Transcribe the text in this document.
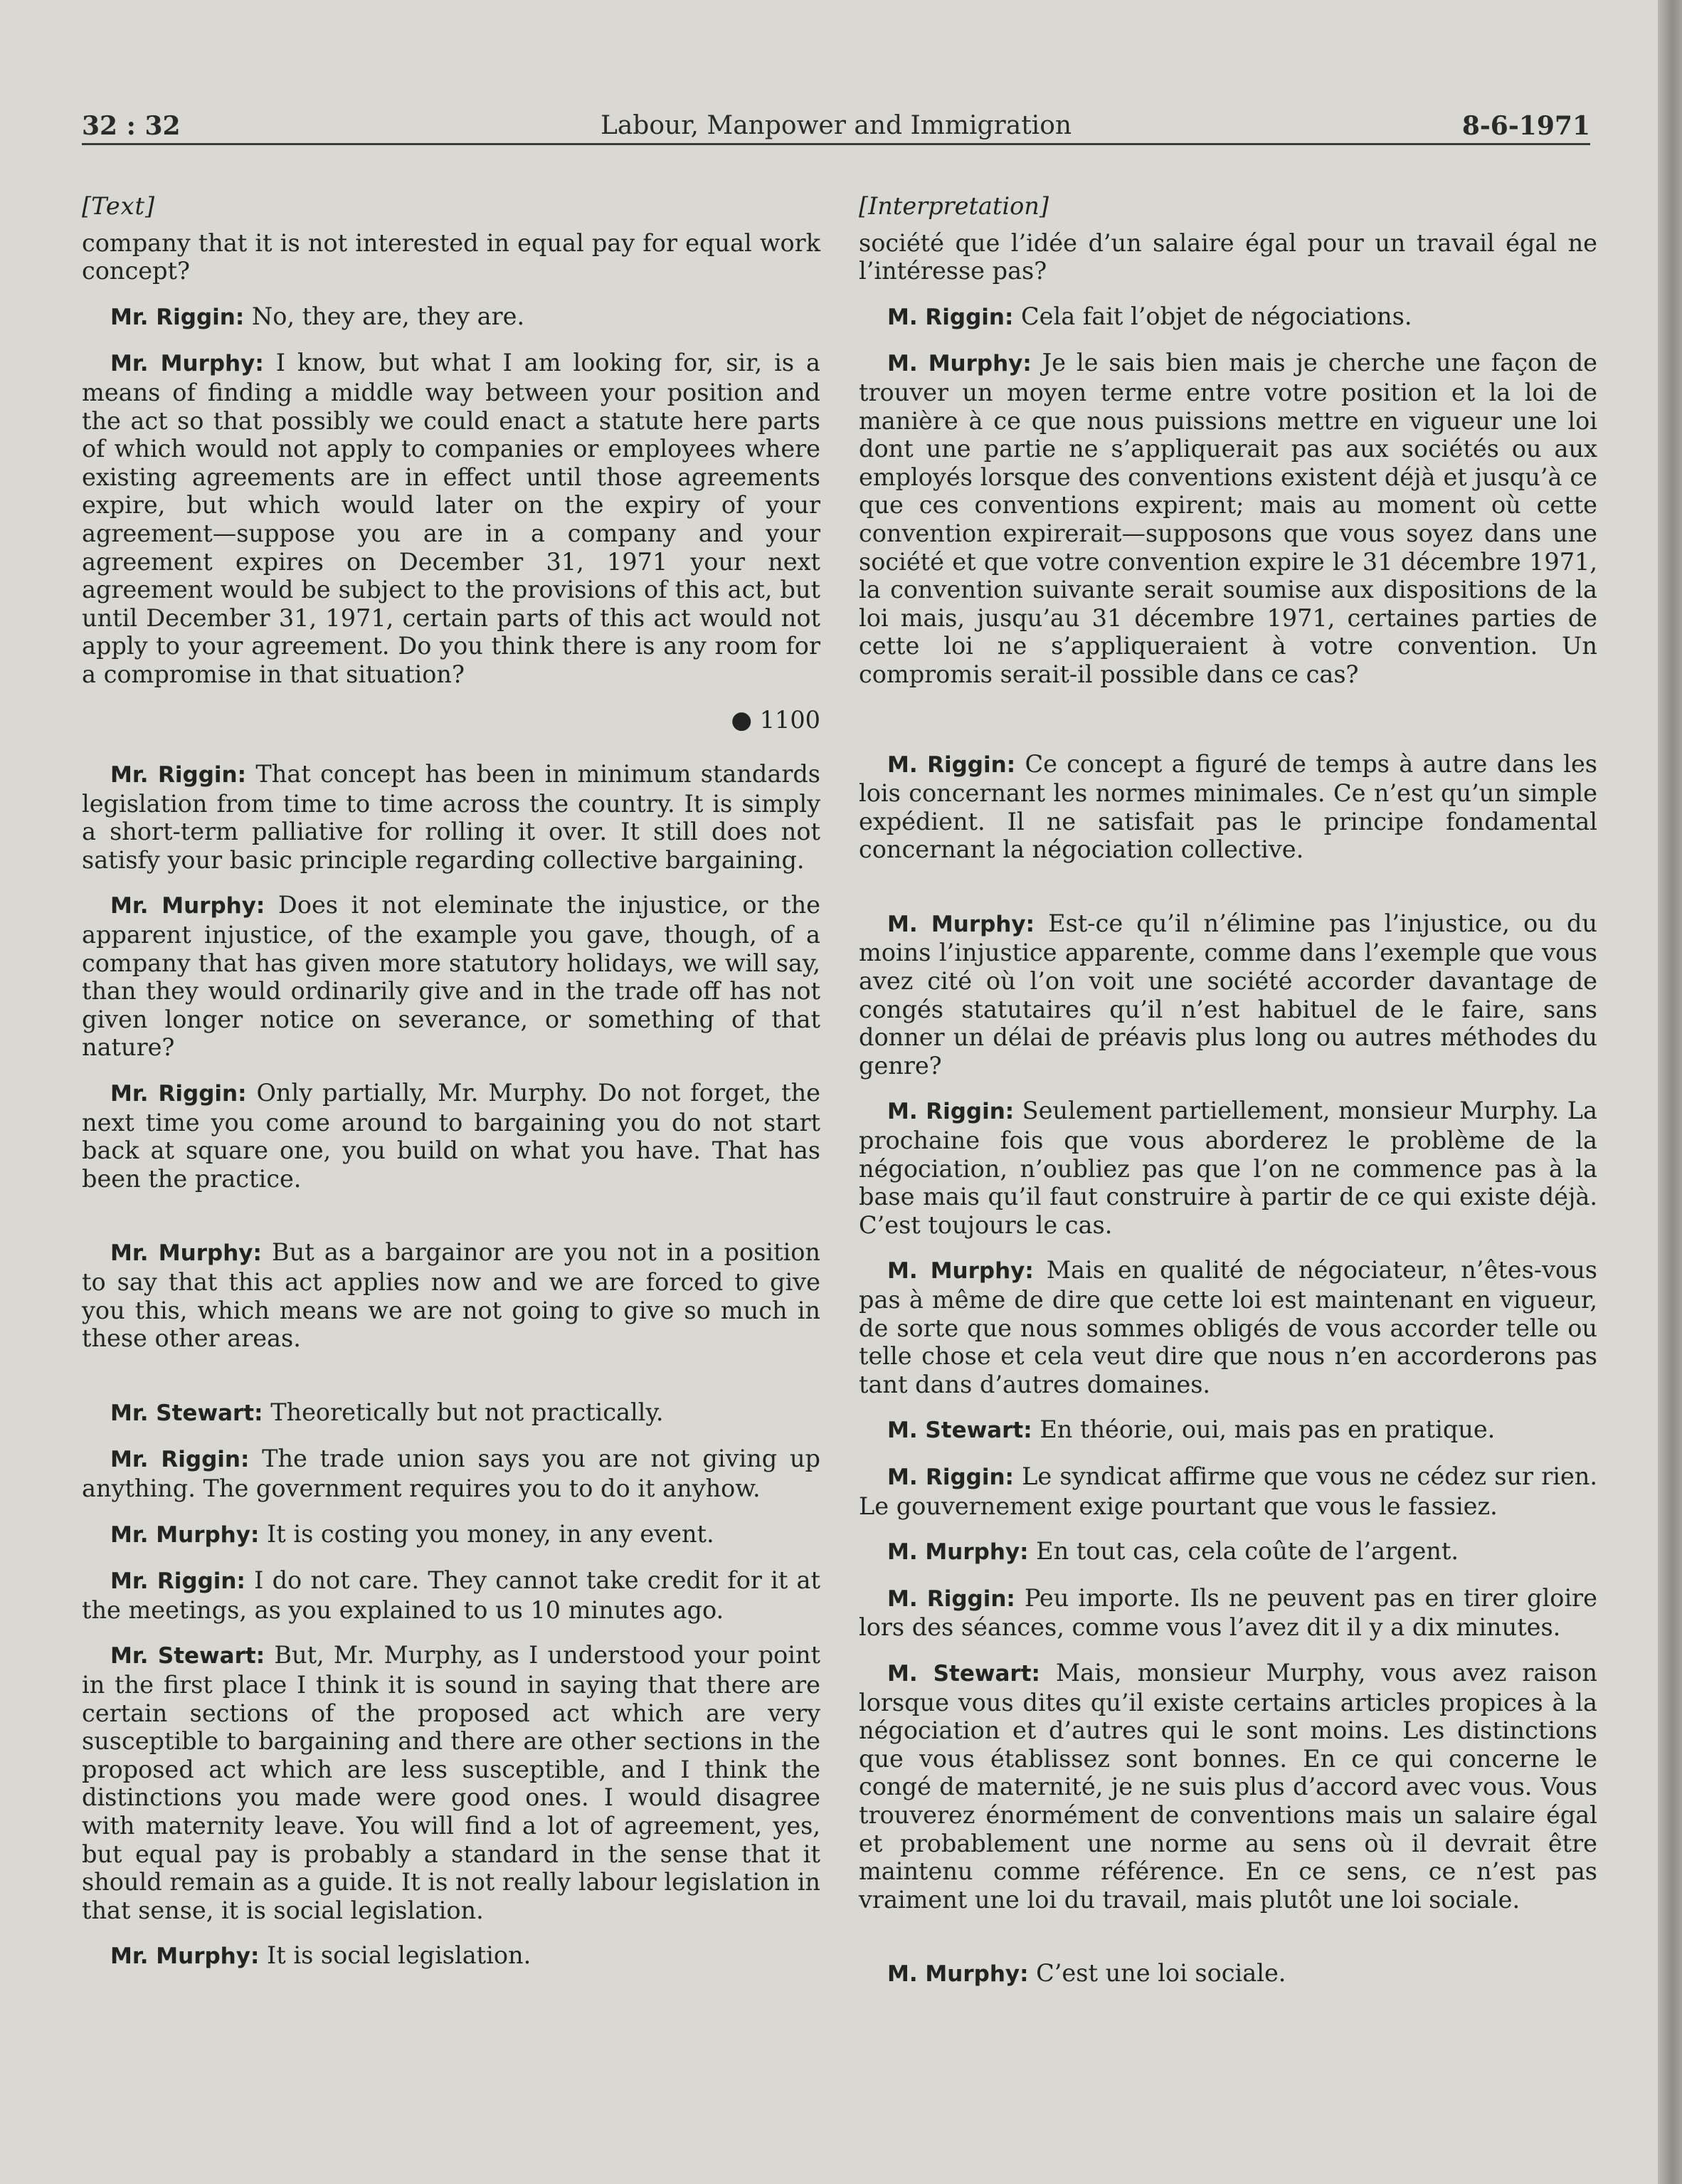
32 : 32	Labour, Manpower and Immigration	8-6-1971
[Text]

company that it is not interested in equal pay for equal work concept?

Mr. Riggin: No, they are, they are.

Mr. Murphy: I know, but what I am looking for, sir, is a means of finding a middle way between your position and the act so that possibly we could enact a statute here parts of which would not apply to companies or employees where existing agreements are in effect until those agreements expire, but which would later on the expiry of your agreement—suppose you are in a company and your agreement expires on December 31, 1971 your next agreement would be subject to the provisions of this act, but until December 31, 1971, certain parts of this act would not apply to your agreement. Do you think there is any room for a compromise in that situation?

● 1100

Mr. Riggin: That concept has been in minimum standards legislation from time to time across the country. It is simply a short-term palliative for rolling it over. It still does not satisfy your basic principle regarding collective bargaining.

Mr. Murphy: Does it not eleminate the injustice, or the apparent injustice, of the example you gave, though, of a company that has given more statutory holidays, we will say, than they would ordinarily give and in the trade off has not given longer notice on severance, or something of that nature?

Mr. Riggin: Only partially, Mr. Murphy. Do not forget, the next time you come around to bargaining you do not start back at square one, you build on what you have. That has been the practice.

Mr. Murphy: But as a bargainor are you not in a position to say that this act applies now and we are forced to give you this, which means we are not going to give so much in these other areas.

Mr. Stewart: Theoretically but not practically.

Mr. Riggin: The trade union says you are not giving up anything. The government requires you to do it anyhow.

Mr. Murphy: It is costing you money, in any event.

Mr. Riggin: I do not care. They cannot take credit for it at the meetings, as you explained to us 10 minutes ago.

Mr. Stewart: But, Mr. Murphy, as I understood your point in the first place I think it is sound in saying that there are certain sections of the proposed act which are very susceptible to bargaining and there are other sections in the proposed act which are less susceptible, and I think the distinctions you made were good ones. I would disagree with maternity leave. You will find a lot of agreement, yes, but equal pay is probably a standard in the sense that it should remain as a guide. It is not really labour legislation in that sense, it is social legislation.

Mr. Murphy: It is social legislation.

[Interpretation]

société que l’idée d’un salaire égal pour un travail égal ne l’intéresse pas?

M. Riggin: Cela fait l’objet de négociations.

M. Murphy: Je le sais bien mais je cherche une façon de trouver un moyen terme entre votre position et la loi de manière à ce que nous puissions mettre en vigueur une loi dont une partie ne s’appliquerait pas aux sociétés ou aux employés lorsque des conventions existent déjà et jusqu’à ce que ces conventions expirent; mais au moment où cette convention expirerait—supposons que vous soyez dans une société et que votre convention expire le 31 décembre 1971, la convention suivante serait soumise aux dispositions de la loi mais, jusqu’au 31 décembre 1971, certaines parties de cette loi ne s’appliqueraient à votre convention. Un compromis serait-il possible dans ce cas?

M. Riggin: Ce concept a figuré de temps à autre dans les lois concernant les normes minimales. Ce n’est qu’un simple expédient. Il ne satisfait pas le principe fondamental concernant la négociation collective.

M. Murphy: Est-ce qu’il n’élimine pas l’injustice, ou du moins l’injustice apparente, comme dans l’exemple que vous avez cité où l’on voit une société accorder davantage de congés statutaires qu’il n’est habituel de le faire, sans donner un délai de préavis plus long ou autres méthodes du genre?

M. Riggin: Seulement partiellement, monsieur Murphy. La prochaine fois que vous aborderez le problème de la négociation, n’oubliez pas que l’on ne commence pas à la base mais qu’il faut construire à partir de ce qui existe déjà. C’est toujours le cas.

M. Murphy: Mais en qualité de négociateur, n’êtes-vous pas à même de dire que cette loi est maintenant en vigueur, de sorte que nous sommes obligés de vous accorder telle ou telle chose et cela veut dire que nous n’en accorderons pas tant dans d’autres domaines.

M. Stewart: En théorie, oui, mais pas en pratique.

M. Riggin: Le syndicat affirme que vous ne cédez sur rien. Le gouvernement exige pourtant que vous le fassiez.

M. Murphy: En tout cas, cela coûte de l’argent.

M. Riggin: Peu importe. Ils ne peuvent pas en tirer gloire lors des séances, comme vous l’avez dit il y a dix minutes.

M. Stewart: Mais, monsieur Murphy, vous avez raison lorsque vous dites qu’il existe certains articles propices à la négociation et d’autres qui le sont moins. Les distinctions que vous établissez sont bonnes. En ce qui concerne le congé de maternité, je ne suis plus d’accord avec vous. Vous trouverez énormément de conventions mais un salaire égal et probablement une norme au sens où il devrait être maintenu comme référence. En ce sens, ce n’est pas vraiment une loi du travail, mais plutôt une loi sociale.

M. Murphy: C’est une loi sociale.
